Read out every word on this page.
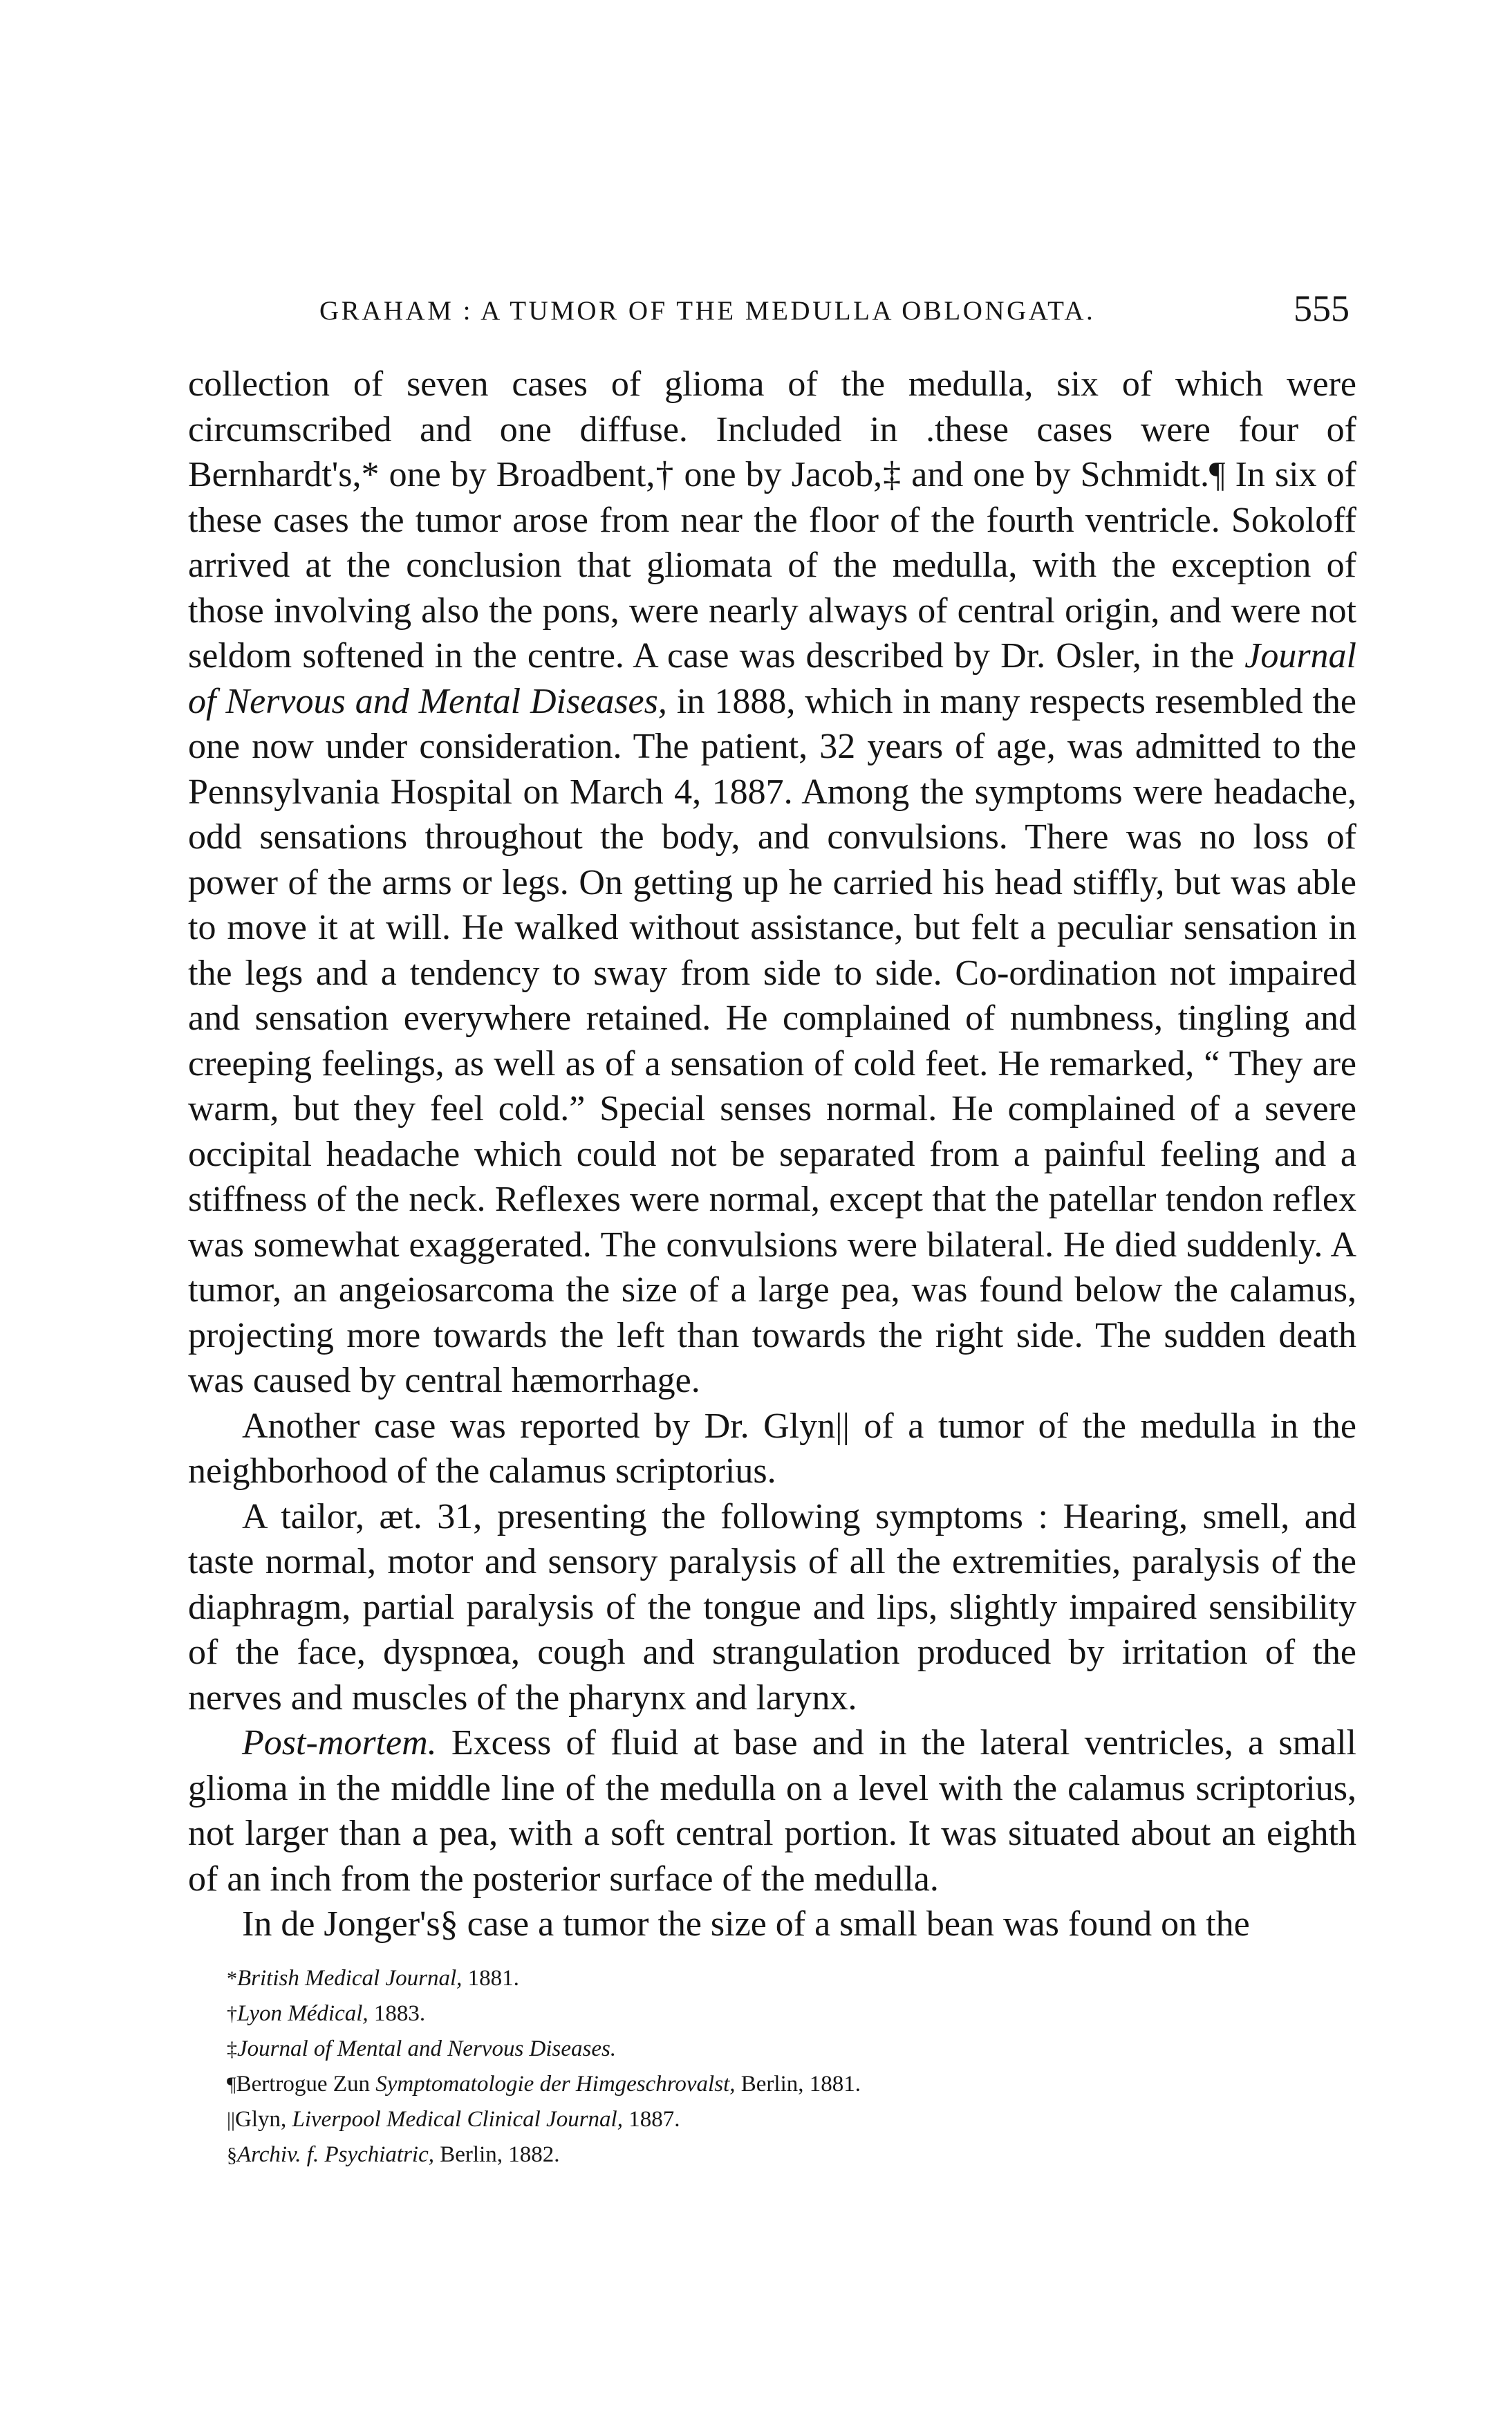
GRAHAM : A TUMOR OF THE MEDULLA OBLONGATA.	555

collection of seven cases of glioma of the medulla, six of which were circumscribed and one diffuse. Included in .these cases were four of Bernhardt's,* one by Broadbent,† one by Jacob,‡ and one by Schmidt.¶ In six of these cases the tumor arose from near the floor of the fourth ventricle. Sokoloff arrived at the conclusion that gliomata of the medulla, with the exception of those involving also the pons, were nearly always of central origin, and were not seldom softened in the centre. A case was described by Dr. Osler, in the Journal of Nervous and Mental Diseases, in 1888, which in many respects resembled the one now under consideration. The patient, 32 years of age, was admitted to the Pennsylvania Hospital on March 4, 1887. Among the symptoms were headache, odd sensations throughout the body, and convulsions. There was no loss of power of the arms or legs. On getting up he carried his head stiffly, but was able to move it at will. He walked without assistance, but felt a peculiar sensation in the legs and a tendency to sway from side to side. Co-ordination not impaired and sensation everywhere retained. He complained of numbness, tingling and creeping feelings, as well as of a sensation of cold feet. He remarked, “ They are warm, but they feel cold.” Special senses normal. He complained of a severe occipital headache which could not be separated from a painful feeling and a stiffness of the neck. Reflexes were normal, except that the patellar tendon reflex was somewhat exaggerated. The convulsions were bilateral. He died suddenly. A tumor, an angeiosarcoma the size of a large pea, was found below the calamus, projecting more towards the left than towards the right side. The sudden death was caused by central hæmorrhage.

Another case was reported by Dr. Glyn|| of a tumor of the medulla in the neighborhood of the calamus scriptorius.

A tailor, æt. 31, presenting the following symptoms : Hearing, smell, and taste normal, motor and sensory paralysis of all the extremities, paralysis of the diaphragm, partial paralysis of the tongue and lips, slightly impaired sensibility of the face, dyspnœa, cough and strangulation produced by irritation of the nerves and muscles of the pharynx and larynx.

Post-mortem. Excess of fluid at base and in the lateral ventricles, a small glioma in the middle line of the medulla on a level with the calamus scriptorius, not larger than a pea, with a soft central portion. It was situated about an eighth of an inch from the posterior surface of the medulla.

In de Jonger's§ case a tumor the size of a small bean was found on the

*British Medical Journal, 1881.
†Lyon Médical, 1883.
‡Journal of Mental and Nervous Diseases.
¶Bertrogue Zun Symptomatologie der Himgeschrovalst, Berlin, 1881.
||Glyn, Liverpool Medical Clinical Journal, 1887.
§Archiv. f. Psychiatric, Berlin, 1882.
